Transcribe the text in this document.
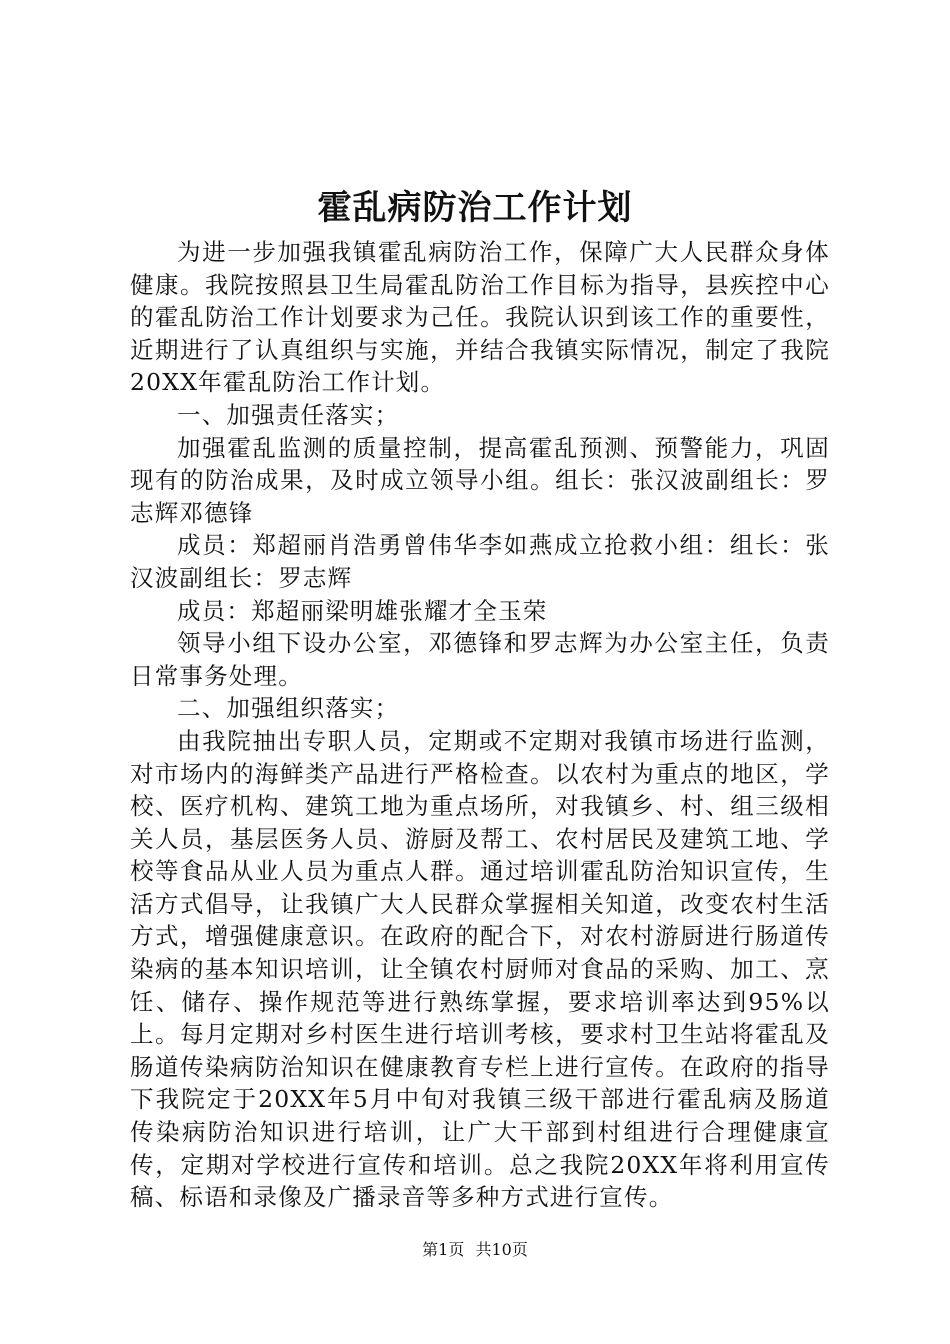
霍乱病防治工作计划

为进一步加强我镇霍乱病防治工作，保障广大人民群众身体健康。我院按照县卫生局霍乱防治工作目标为指导，县疾控中心的霍乱防治工作计划要求为己任。我院认识到该工作的重要性，近期进行了认真组织与实施，并结合我镇实际情况，制定了我院20XX年霍乱防治工作计划。

一、加强责任落实；

加强霍乱监测的质量控制，提高霍乱预测、预警能力，巩固现有的防治成果，及时成立领导小组。组长：张汉波副组长：罗志辉邓德锋

成员：郑超丽肖浩勇曾伟华李如燕成立抢救小组：组长：张汉波副组长：罗志辉

成员：郑超丽梁明雄张耀才全玉荣

领导小组下设办公室，邓德锋和罗志辉为办公室主任，负责日常事务处理。

二、加强组织落实；

由我院抽出专职人员，定期或不定期对我镇市场进行监测，对市场内的海鲜类产品进行严格检查。以农村为重点的地区，学校、医疗机构、建筑工地为重点场所，对我镇乡、村、组三级相关人员，基层医务人员、游厨及帮工、农村居民及建筑工地、学校等食品从业人员为重点人群。通过培训霍乱防治知识宣传，生活方式倡导，让我镇广大人民群众掌握相关知道，改变农村生活方式，增强健康意识。在政府的配合下，对农村游厨进行肠道传染病的基本知识培训，让全镇农村厨师对食品的采购、加工、烹饪、储存、操作规范等进行熟练掌握，要求培训率达到95%以上。每月定期对乡村医生进行培训考核，要求村卫生站将霍乱及肠道传染病防治知识在健康教育专栏上进行宣传。在政府的指导下我院定于20XX年5月中旬对我镇三级干部进行霍乱病及肠道传染病防治知识进行培训，让广大干部到村组进行合理健康宣传，定期对学校进行宣传和培训。总之我院20XX年将利用宣传稿、标语和录像及广播录音等多种方式进行宣传。

第1页 共10页
